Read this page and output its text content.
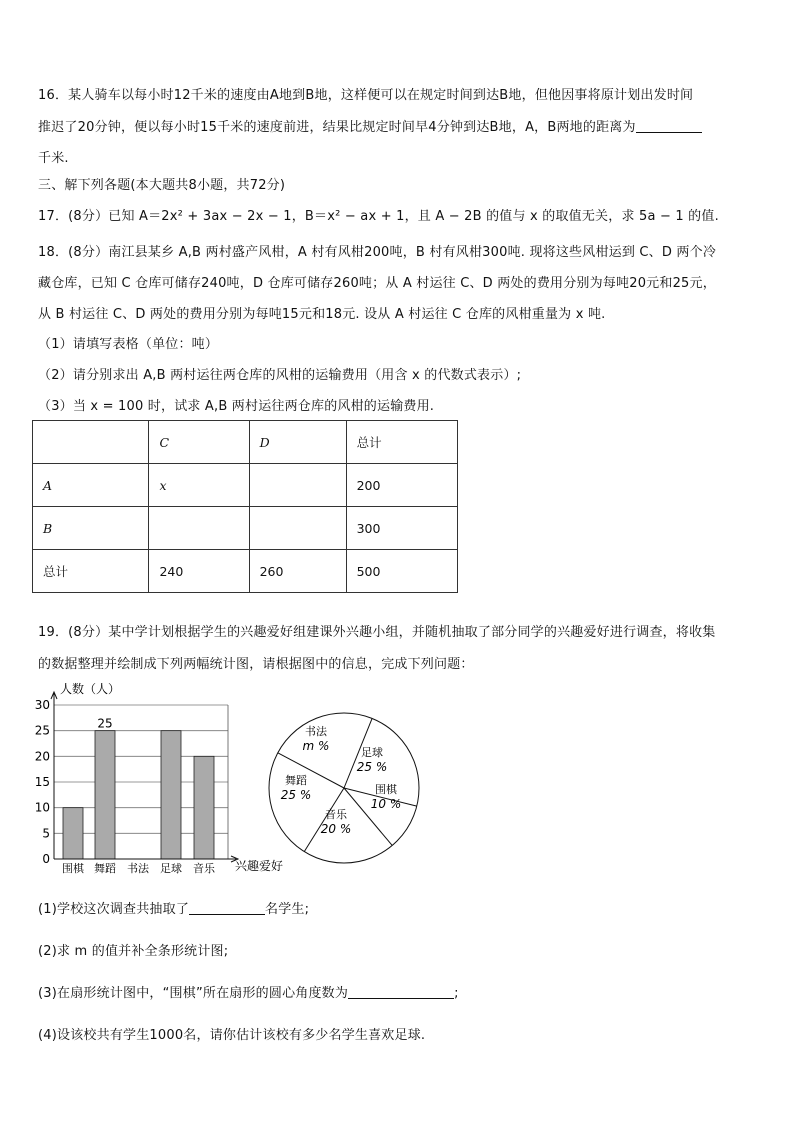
16．某人骑车以每小时12千米的速度由A地到B地，这样便可以在规定时间到达B地，但他因事将原计划出发时间
推迟了20分钟，便以每小时15千米的速度前进，结果比规定时间早4分钟到达B地，A，B两地的距离为
千米.
三、解下列各题(本大题共8小题，共72分)
17．(8分）已知 A＝2x² + 3ax − 2x − 1，B＝x² − ax + 1，且 A − 2B 的值与 x 的取值无关，求 5a − 1 的值.
18．(8分）南江县某乡 A,B 两村盛产风柑，A 村有风柑200吨，B 村有风柑300吨. 现将这些风柑运到 C、D 两个冷
藏仓库，已知 C 仓库可储存240吨，D 仓库可储存260吨；从 A 村运往 C、D 两处的费用分别为每吨20元和25元，
从 B 村运往 C、D 两处的费用分别为每吨15元和18元. 设从 A 村运往 C 仓库的风柑重量为 x 吨.
（1）请填写表格（单位：吨）
（2）请分别求出 A,B 两村运往两仓库的风柑的运输费用（用含 x 的代数式表示）;
（3）当 x = 100 时，试求 A,B 两村运往两仓库的风柑的运输费用.
	C	D	总计
A	x		200
B			300
总计	240	260	500
19．(8分）某中学计划根据学生的兴趣爱好组建课外兴趣小组，并随机抽取了部分同学的兴趣爱好进行调查，将收集
的数据整理并绘制成下列两幅统计图，请根据图中的信息，完成下列问题：
25
0
5
10
15
20
25
30
围棋 舞蹈 书法 足球 音乐
人数（人）
兴趣爱好
书法
m %	足球
25 %
围棋
10 %
音乐
20 %
舞蹈
25 %
(1)学校这次调查共抽取了	名学生;
(2)求 m 的值并补全条形统计图;
(3)在扇形统计图中，“围棋”所在扇形的圆心角度数为	;
(4)设该校共有学生1000名，请你估计该校有多少名学生喜欢足球.
